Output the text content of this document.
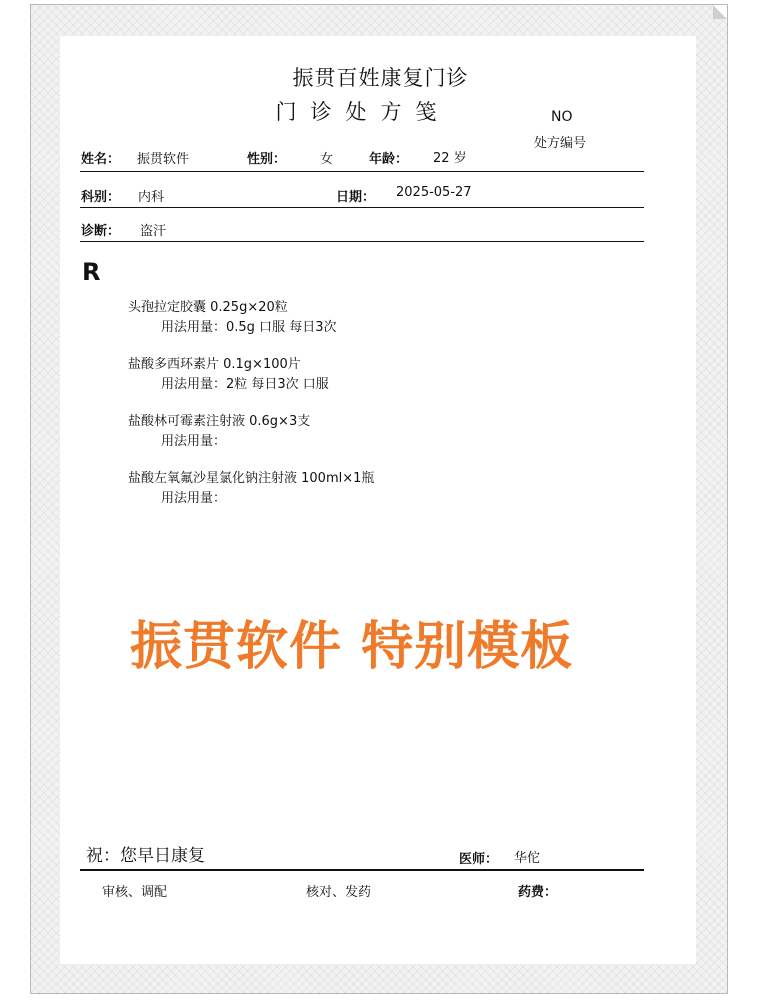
振贯百姓康复门诊
门诊处方笺	NO
处方编号
姓名： 振贯软件	性别：	女	年龄： 22 岁
科别： 内科	日期： 2025-05-27
诊断： 盗汗
R
头孢拉定胶囊 0.25g×20粒
用法用量：0.5g 口服 每日3次
盐酸多西环素片 0.1g×100片
用法用量：2粒 每日3次 口服
盐酸林可霉素注射液 0.6g×3支
用法用量：
盐酸左氧氟沙星氯化钠注射液 100ml×1瓶
用法用量：
振贯软件 特别模板
祝：您早日康复	医师： 华佗
审核、调配	核对、发药	药费：
